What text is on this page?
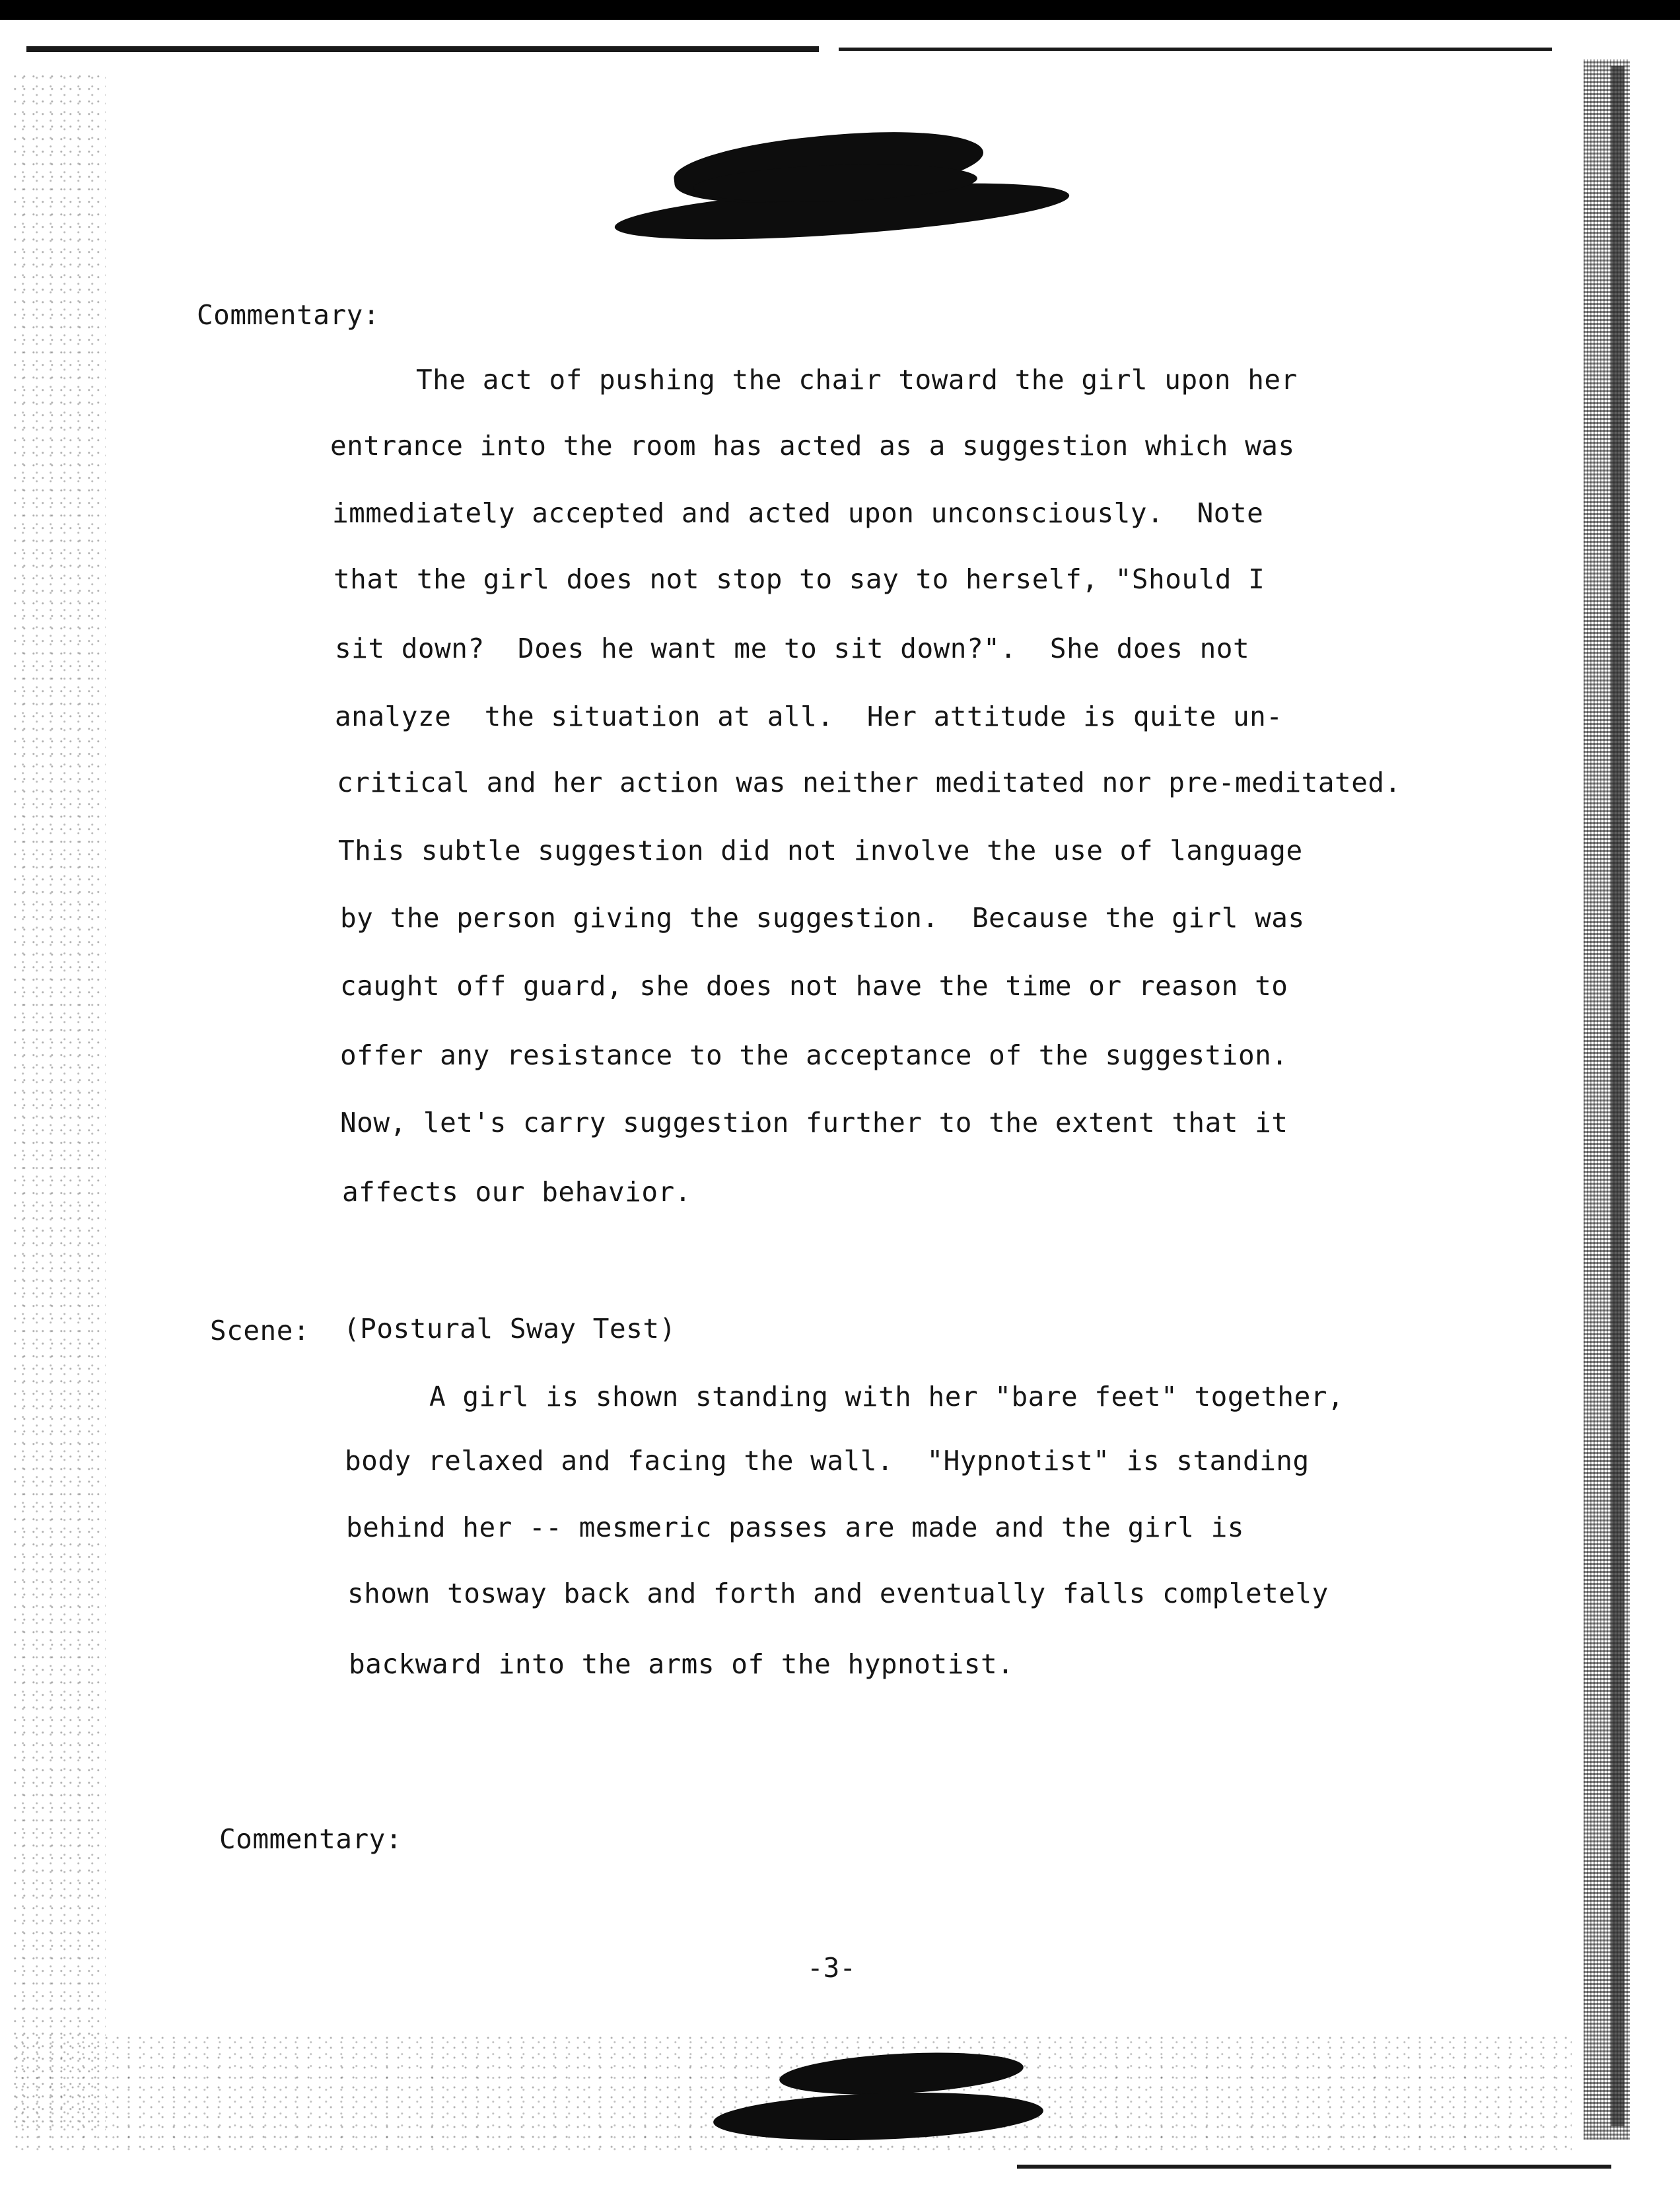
Commentary:
The act of pushing the chair toward the girl upon her
entrance into the room has acted as a suggestion which was
immediately accepted and acted upon unconsciously.  Note
that the girl does not stop to say to herself, "Should I
sit down?  Does he want me to sit down?".  She does not
analyze  the situation at all.  Her attitude is quite un-
critical and her action was neither meditated nor pre-meditated.
This subtle suggestion did not involve the use of language
by the person giving the suggestion.  Because the girl was
caught off guard, she does not have the time or reason to
offer any resistance to the acceptance of the suggestion.
Now, let's carry suggestion further to the extent that it
affects our behavior.
Scene: (Postural Sway Test)
A girl is shown standing with her "bare feet" together,
body relaxed and facing the wall.  "Hypnotist" is standing
behind her -- mesmeric passes are made and the girl is
shown tosway back and forth and eventually falls completely
backward into the arms of the hypnotist.
Commentary:
-3-
